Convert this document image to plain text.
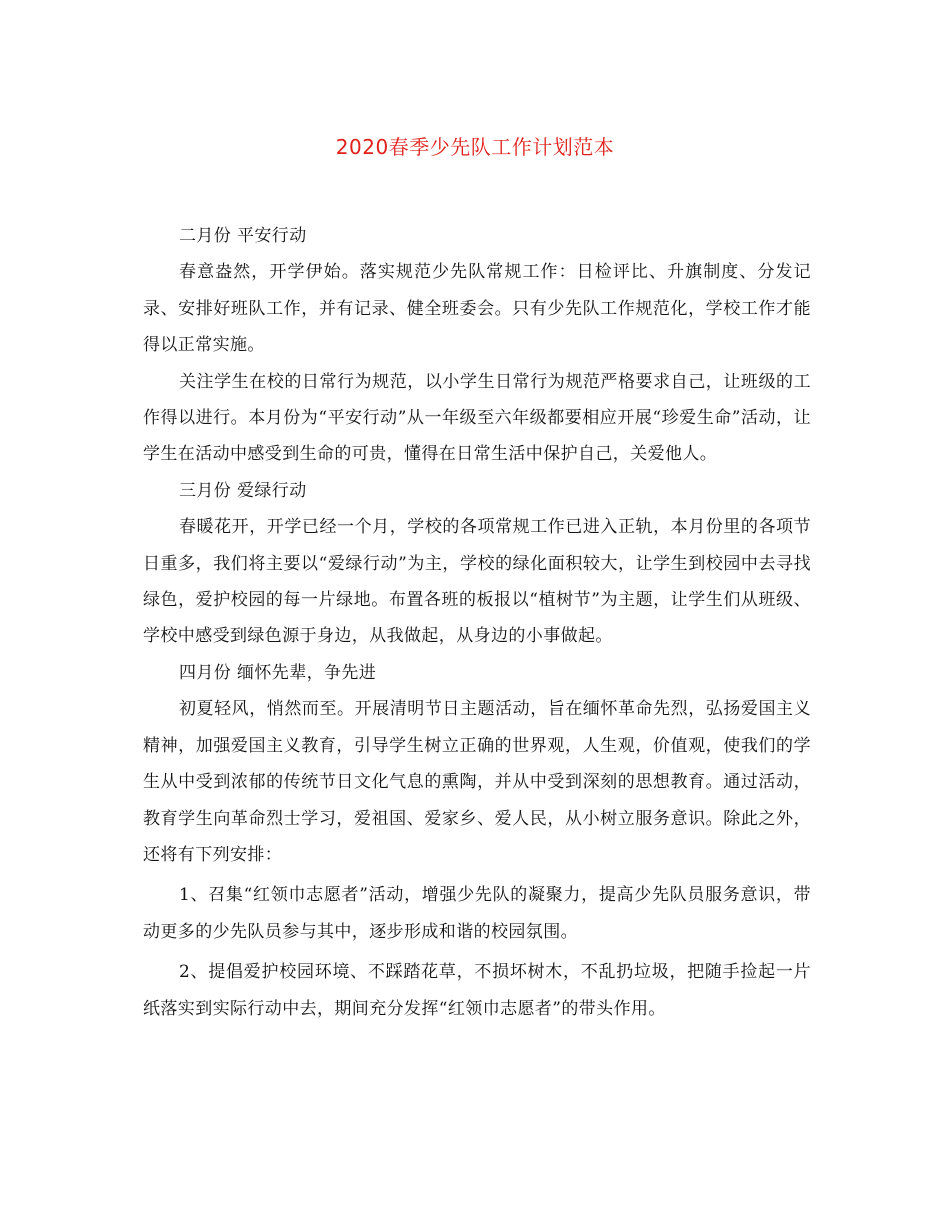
2020春季少先队工作计划范本

二月份 平安行动

春意盎然，开学伊始。落实规范少先队常规工作：日检评比、升旗制度、分发记录、安排好班队工作，并有记录、健全班委会。只有少先队工作规范化，学校工作才能得以正常实施。

关注学生在校的日常行为规范，以小学生日常行为规范严格要求自己，让班级的工作得以进行。本月份为“平安行动”从一年级至六年级都要相应开展“珍爱生命”活动，让学生在活动中感受到生命的可贵，懂得在日常生活中保护自己，关爱他人。

三月份 爱绿行动

春暖花开，开学已经一个月，学校的各项常规工作已进入正轨，本月份里的各项节日重多，我们将主要以“爱绿行动”为主，学校的绿化面积较大，让学生到校园中去寻找绿色，爱护校园的每一片绿地。布置各班的板报以“植树节”为主题，让学生们从班级、学校中感受到绿色源于身边，从我做起，从身边的小事做起。

四月份 缅怀先辈，争先进

初夏轻风，悄然而至。开展清明节日主题活动，旨在缅怀革命先烈，弘扬爱国主义精神，加强爱国主义教育，引导学生树立正确的世界观，人生观，价值观，使我们的学生从中受到浓郁的传统节日文化气息的熏陶，并从中受到深刻的思想教育。通过活动，教育学生向革命烈士学习，爱祖国、爱家乡、爱人民，从小树立服务意识。除此之外，还将有下列安排：

1、召集“红领巾志愿者”活动，增强少先队的凝聚力，提高少先队员服务意识，带动更多的少先队员参与其中，逐步形成和谐的校园氛围。

2、提倡爱护校园环境、不踩踏花草，不损坏树木，不乱扔垃圾，把随手捡起一片纸落实到实际行动中去，期间充分发挥“红领巾志愿者”的带头作用。
